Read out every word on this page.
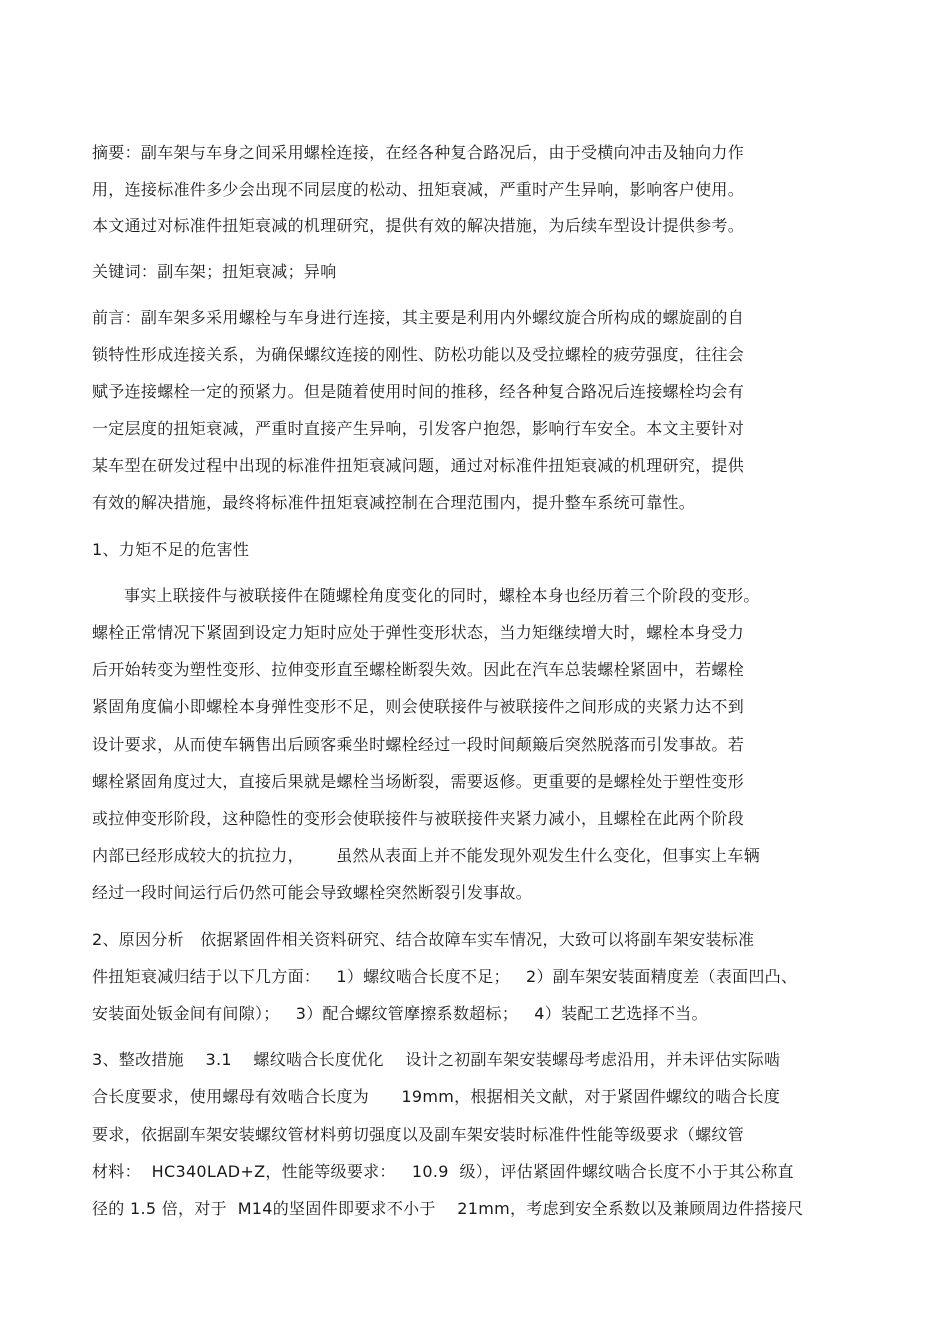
摘要：副车架与车身之间采用螺栓连接，在经各种复合路况后，由于受横向冲击及轴向力作
用，连接标准件多少会出现不同层度的松动、扭矩衰减，严重时产生异响，影响客户使用。
本文通过对标准件扭矩衰减的机理研究，提供有效的解决措施，为后续车型设计提供参考。
关键词：副车架；扭矩衰减；异响
前言：副车架多采用螺栓与车身进行连接，其主要是利用内外螺纹旋合所构成的螺旋副的自
锁特性形成连接关系，为确保螺纹连接的刚性、防松功能以及受拉螺栓的疲劳强度，往往会
赋予连接螺栓一定的预紧力。但是随着使用时间的推移，经各种复合路况后连接螺栓均会有
一定层度的扭矩衰减，严重时直接产生异响，引发客户抱怨，影响行车安全。本文主要针对
某车型在研发过程中出现的标准件扭矩衰减问题，通过对标准件扭矩衰减的机理研究，提供
有效的解决措施，最终将标准件扭矩衰减控制在合理范围内，提升整车系统可靠性。
1、力矩不足的危害性
事实上联接件与被联接件在随螺栓角度变化的同时，螺栓本身也经历着三个阶段的变形。
螺栓正常情况下紧固到设定力矩时应处于弹性变形状态，当力矩继续增大时，螺栓本身受力
后开始转变为塑性变形、拉伸变形直至螺栓断裂失效。因此在汽车总装螺栓紧固中，若螺栓
紧固角度偏小即螺栓本身弹性变形不足，则会使联接件与被联接件之间形成的夹紧力达不到
设计要求，从而使车辆售出后顾客乘坐时螺栓经过一段时间颠簸后突然脱落而引发事故。若
螺栓紧固角度过大，直接后果就是螺栓当场断裂，需要返修。更重要的是螺栓处于塑性变形
或拉伸变形阶段，这种隐性的变形会使联接件与被联接件夹紧力减小，且螺栓在此两个阶段
内部已经形成较大的抗拉力，      虽然从表面上并不能发现外观发生什么变化，但事实上车辆
经过一段时间运行后仍然可能会导致螺栓突然断裂引发事故。
2、原因分析   依据紧固件相关资料研究、结合故障车实车情况，大致可以将副车架安装标准
件扭矩衰减归结于以下几方面：   1）螺纹啮合长度不足；   2）副车架安装面精度差（表面凹凸、
安装面处钣金间有间隙）；   3）配合螺纹管摩擦系数超标；   4）装配工艺选择不当。
3、整改措施    3.1    螺纹啮合长度优化    设计之初副车架安装螺母考虑沿用，并未评估实际啮
合长度要求，使用螺母有效啮合长度为      19mm，根据相关文献，对于紧固件螺纹的啮合长度
要求，依据副车架安装螺纹管材料剪切强度以及副车架安装时标准件性能等级要求（螺纹管
材料：  HC340LAD+Z，性能等级要求：   10.9  级），评估紧固件螺纹啮合长度不小于其公称直
径的 1.5 倍，对于  M14的坚固件即要求不小于    21mm，考虑到安全系数以及兼顾周边件搭接尺
